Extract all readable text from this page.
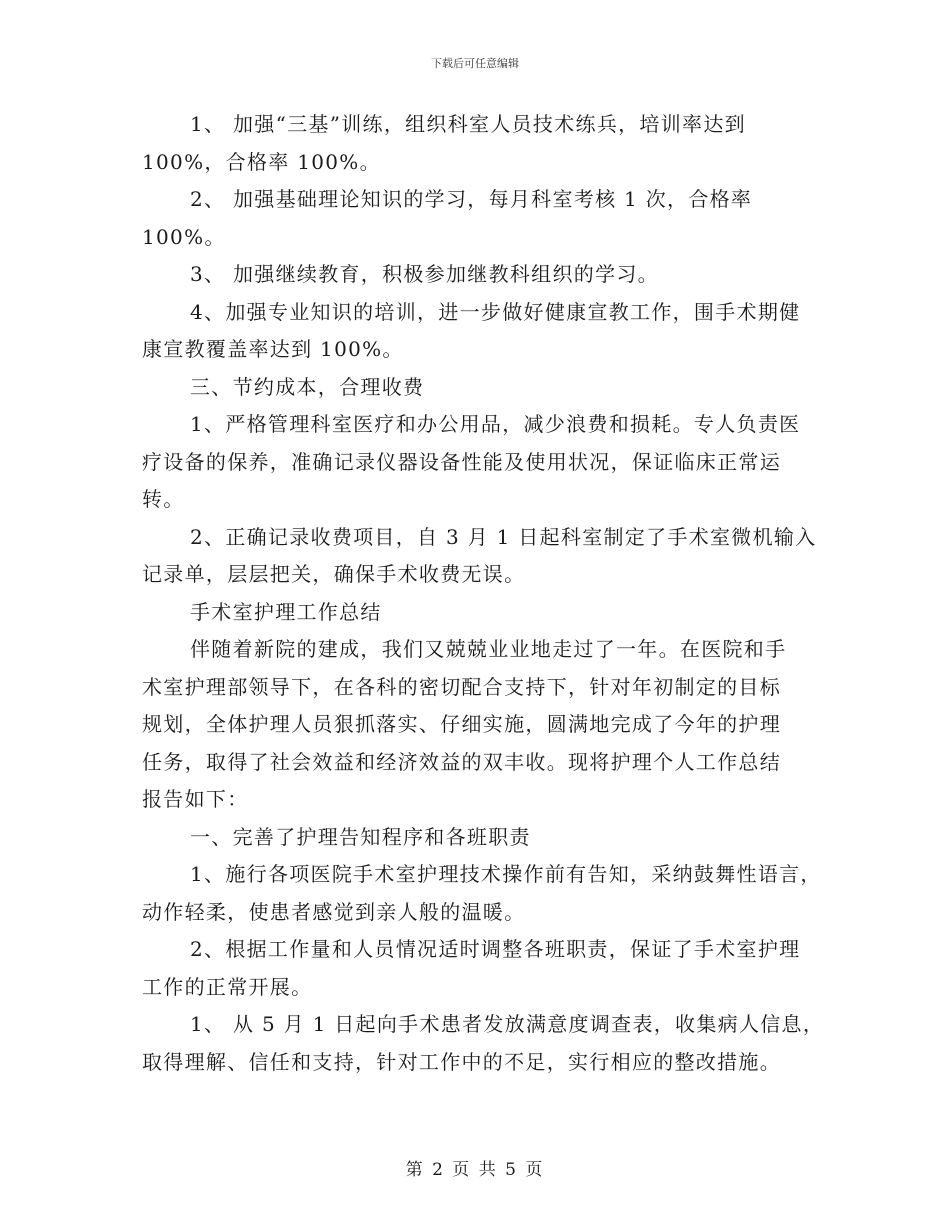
下载后可任意编辑
1、 加强“三基”训练，组织科室人员技术练兵，培训率达到
100%，合格率 100%。
2、 加强基础理论知识的学习，每月科室考核 1 次，合格率
100%。
3、 加强继续教育，积极参加继教科组织的学习。
4、加强专业知识的培训，进一步做好健康宣教工作，围手术期健
康宣教覆盖率达到 100%。
三、节约成本，合理收费
1、严格管理科室医疗和办公用品，减少浪费和损耗。专人负责医
疗设备的保养，准确记录仪器设备性能及使用状况，保证临床正常运
转。
2、正确记录收费项目，自 3 月 1 日起科室制定了手术室微机输入
记录单，层层把关，确保手术收费无误。
手术室护理工作总结
伴随着新院的建成，我们又兢兢业业地走过了一年。在医院和手
术室护理部领导下，在各科的密切配合支持下，针对年初制定的目标
规划，全体护理人员狠抓落实、仔细实施，圆满地完成了今年的护理
任务，取得了社会效益和经济效益的双丰收。现将护理个人工作总结
报告如下：
一、完善了护理告知程序和各班职责
1、施行各项医院手术室护理技术操作前有告知，采纳鼓舞性语言，
动作轻柔，使患者感觉到亲人般的温暖。
2、根据工作量和人员情况适时调整各班职责，保证了手术室护理
工作的正常开展。
1、 从 5 月 1 日起向手术患者发放满意度调查表，收集病人信息，
取得理解、信任和支持，针对工作中的不足，实行相应的整改措施。
第 2 页 共 5 页
